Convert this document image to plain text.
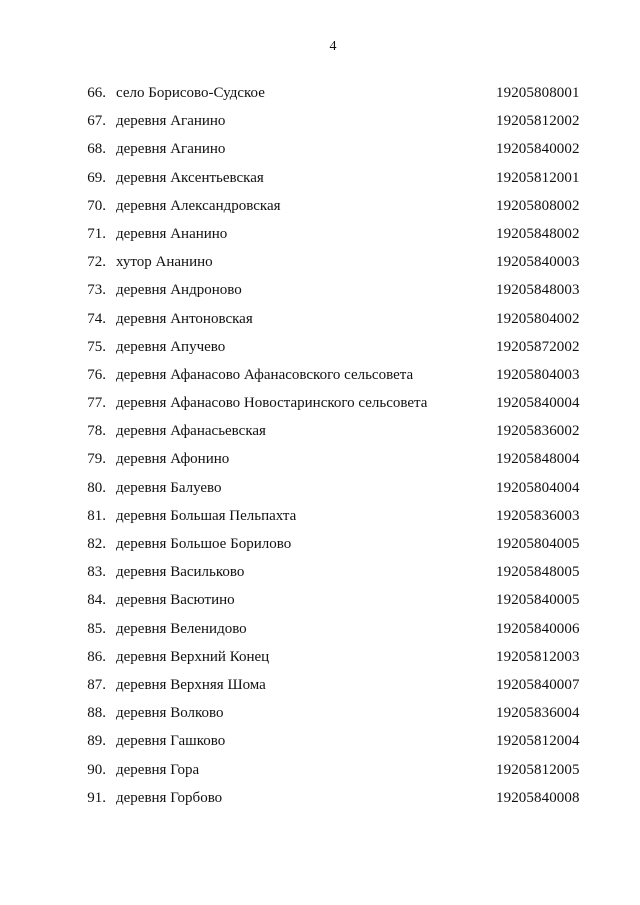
4
66. село Борисово-Судское	19205808001
67. деревня Аганино	19205812002
68. деревня Аганино	19205840002
69. деревня Аксентьевская	19205812001
70. деревня Александровская	19205808002
71. деревня Ананино	19205848002
72. хутор Ананино	19205840003
73. деревня Андроново	19205848003
74. деревня Антоновская	19205804002
75. деревня Апучево	19205872002
76. деревня Афанасово Афанасовского сельсовета	19205804003
77. деревня Афанасово Новостаринского сельсовета	19205840004
78. деревня Афанасьевская	19205836002
79. деревня Афонино	19205848004
80. деревня Балуево	19205804004
81. деревня Большая Пельпахта	19205836003
82. деревня Большое Борилово	19205804005
83. деревня Васильково	19205848005
84. деревня Васютино	19205840005
85. деревня Веленидово	19205840006
86. деревня Верхний Конец	19205812003
87. деревня Верхняя Шома	19205840007
88. деревня Волково	19205836004
89. деревня Гашково	19205812004
90. деревня Гора	19205812005
91. деревня Горбово	19205840008
